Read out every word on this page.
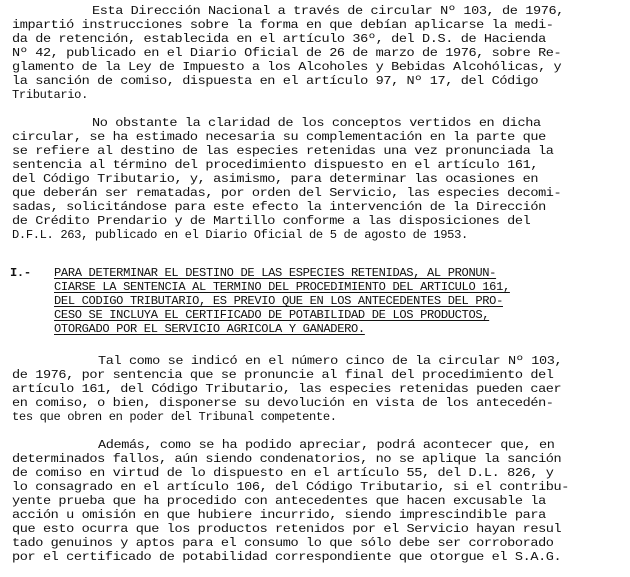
Esta Dirección Nacional a través de circular Nº 103, de 1976,
impartió instrucciones sobre la forma en que debían aplicarse la medi-
da de retención, establecida en el artículo 36º, del D.S. de Hacienda
Nº 42, publicado en el Diario Oficial de 26 de marzo de 1976, sobre Re-
glamento de la Ley de Impuesto a los Alcoholes y Bebidas Alcohólicas, y
la sanción de comiso, dispuesta en el artículo 97, Nº 17, del Código
Tributario.
No obstante la claridad de los conceptos vertidos en dicha
circular, se ha estimado necesaria su complementación en la parte que
se refiere al destino de las especies retenidas una vez pronunciada la
sentencia al término del procedimiento dispuesto en el artículo 161,
del Código Tributario, y, asimismo, para determinar las ocasiones en
que deberán ser rematadas, por orden del Servicio, las especies decomi-
sadas, solicitándose para este efecto la intervención de la Dirección
de Crédito Prendario y de Martillo conforme a las disposiciones del
D.F.L. 263, publicado en el Diario Oficial de 5 de agosto de 1953.
I.- PARA DETERMINAR EL DESTINO DE LAS ESPECIES RETENIDAS, AL PRONUN-
CIARSE LA SENTENCIA AL TERMINO DEL PROCEDIMIENTO DEL ARTICULO 161,
DEL CODIGO TRIBUTARIO, ES PREVIO QUE EN LOS ANTECEDENTES DEL PRO-
CESO SE INCLUYA EL CERTIFICADO DE POTABILIDAD DE LOS PRODUCTOS,
OTORGADO POR EL SERVICIO AGRICOLA Y GANADERO.
Tal como se indicó en el número cinco de la circular Nº 103,
de 1976, por sentencia que se pronuncie al final del procedimiento del
artículo 161, del Código Tributario, las especies retenidas pueden caer
en comiso, o bien, disponerse su devolución en vista de los antecedén-
tes que obren en poder del Tribunal competente.
Además, como se ha podido apreciar, podrá acontecer que, en
determinados fallos, aún siendo condenatorios, no se aplique la sanción
de comiso en virtud de lo dispuesto en el artículo 55, del D.L. 826, y
lo consagrado en el artículo 106, del Código Tributario, si el contribu-
yente prueba que ha procedido con antecedentes que hacen excusable la
acción u omisión en que hubiere incurrido, siendo imprescindible para
que esto ocurra que los productos retenidos por el Servicio hayan resul
tado genuinos y aptos para el consumo lo que sólo debe ser corroborado
por el certificado de potabilidad correspondiente que otorgue el S.A.G.
